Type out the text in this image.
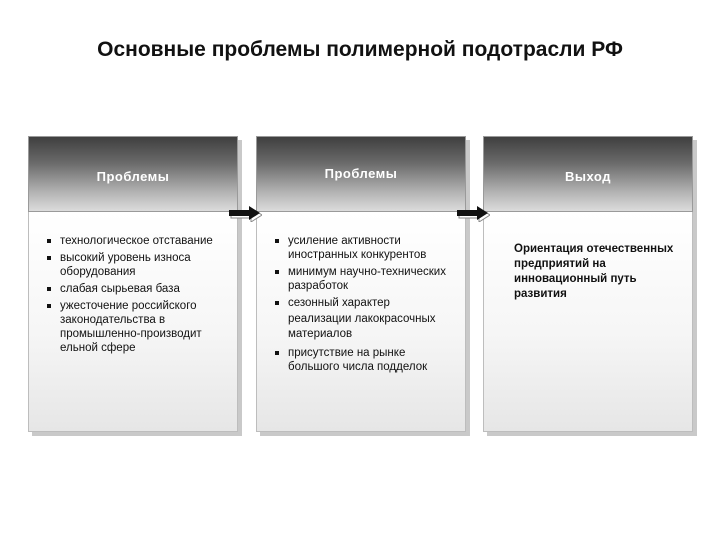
Основные проблемы полимерной подотрасли РФ
Проблемы
технологическое отставание
высокий уровень износа оборудования
слабая сырьевая база
ужесточение российского законодательства в промышленно-производит ельной сфере
Проблемы
усиление активности иностранных конкурентов
минимум научно-технических разработок
сезонный характер реализации лакокрасочных материалов
присутствие на рынке большого числа подделок
Выход
Ориентация отечественных предприятий на инновационный путь развития
